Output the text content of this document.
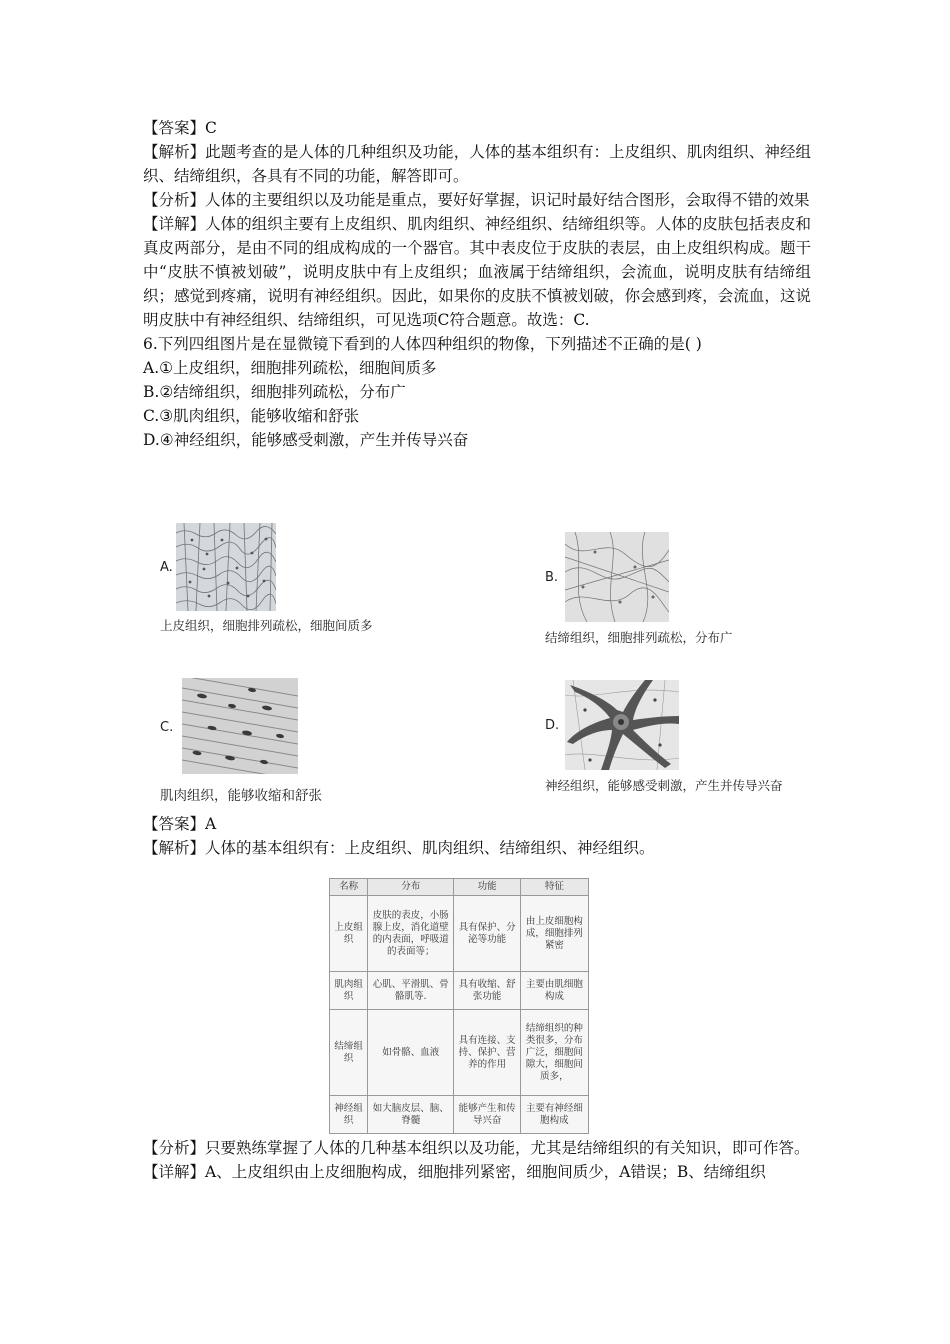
【答案】C
【解析】此题考查的是人体的几种组织及功能，人体的基本组织有：上皮组织、肌肉组织、神经组织、结缔组织，各具有不同的功能，解答即可。
【分析】人体的主要组织以及功能是重点，要好好掌握，识记时最好结合图形，会取得不错的效果
【详解】人体的组织主要有上皮组织、肌肉组织、神经组织、结缔组织等。人体的皮肤包括表皮和真皮两部分，是由不同的组成构成的一个器官。其中表皮位于皮肤的表层，由上皮组织构成。题干中“皮肤不慎被划破”，说明皮肤中有上皮组织；血液属于结缔组织，会流血，说明皮肤有结缔组织；感觉到疼痛，说明有神经组织。因此，如果你的皮肤不慎被划破，你会感到疼，会流血，这说明皮肤中有神经组织、结缔组织，可见选项C符合题意。故选：C.
6.下列四组图片是在显微镜下看到的人体四种组织的物像，下列描述不正确的是( )
A.①上皮组织，细胞排列疏松，细胞间质多
B.②结缔组织，细胞排列疏松，分布广
C.③肌肉组织，能够收缩和舒张
D.④神经组织，能够感受刺激，产生并传导兴奋
A.
上皮组织，细胞排列疏松，细胞间质多
B.
结缔组织，细胞排列疏松，分布广
C.
肌肉组织，能够收缩和舒张
D.
神经组织，能够感受刺激，产生并传导兴奋
【答案】A
【解析】人体的基本组织有：上皮组织、肌肉组织、结缔组织、神经组织。
名称	分布	功能	特征
上皮组织	皮肤的表皮，小肠腺上皮，消化道壁的内表面，呼吸道的表面等；	具有保护、分泌等功能	由上皮细胞构成，细胞排列紧密
肌肉组织	心肌、平滑肌、骨骼肌等.	具有收缩、舒张功能	主要由肌细胞构成
结缔组织	如骨骼、血液	具有连接、支持、保护、营养的作用	结缔组织的种类很多，分布广泛，细胞间隙大，细胞间质多，
神经组织	如大脑皮层、脑、脊髓	能够产生和传导兴奋	主要有神经细胞构成
【分析】只要熟练掌握了人体的几种基本组织以及功能，尤其是结缔组织的有关知识，即可作答。
【详解】A、上皮组织由上皮细胞构成，细胞排列紧密，细胞间质少，A错误；B、结缔组织
